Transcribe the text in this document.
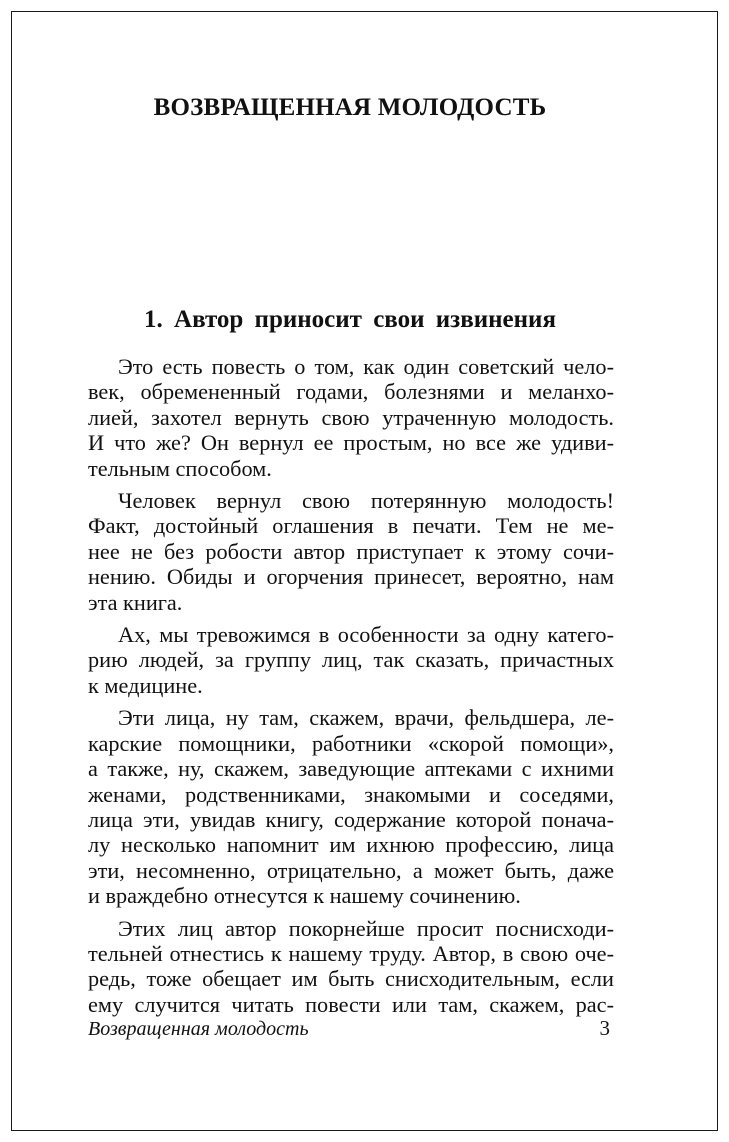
ВОЗВРАЩЕННАЯ МОЛОДОСТЬ
1. Автор приносит свои извинения
Это есть повесть о том, как один советский чело-
век, обремененный годами, болезнями и меланхо-
лией, захотел вернуть свою утраченную молодость.
И что же? Он вернул ее простым, но все же удиви-
тельным способом.
Человек вернул свою потерянную молодость!
Факт, достойный оглашения в печати. Тем не ме-
нее не без робости автор приступает к этому сочи-
нению. Обиды и огорчения принесет, вероятно, нам
эта книга.
Ах, мы тревожимся в особенности за одну катего-
рию людей, за группу лиц, так сказать, причастных
к медицине.
Эти лица, ну там, скажем, врачи, фельдшера, ле-
карские помощники, работники «скорой помощи»,
а также, ну, скажем, заведующие аптеками с ихними
женами, родственниками, знакомыми и соседями,
лица эти, увидав книгу, содержание которой понача-
лу несколько напомнит им ихнюю профессию, лица
эти, несомненно, отрицательно, а может быть, даже
и враждебно отнесутся к нашему сочинению.
Этих лиц автор покорнейше просит поснисходи-
тельней отнестись к нашему труду. Автор, в свою оче-
редь, тоже обещает им быть снисходительным, если
ему случится читать повести или там, скажем, рас-
Возвращенная молодость	3
